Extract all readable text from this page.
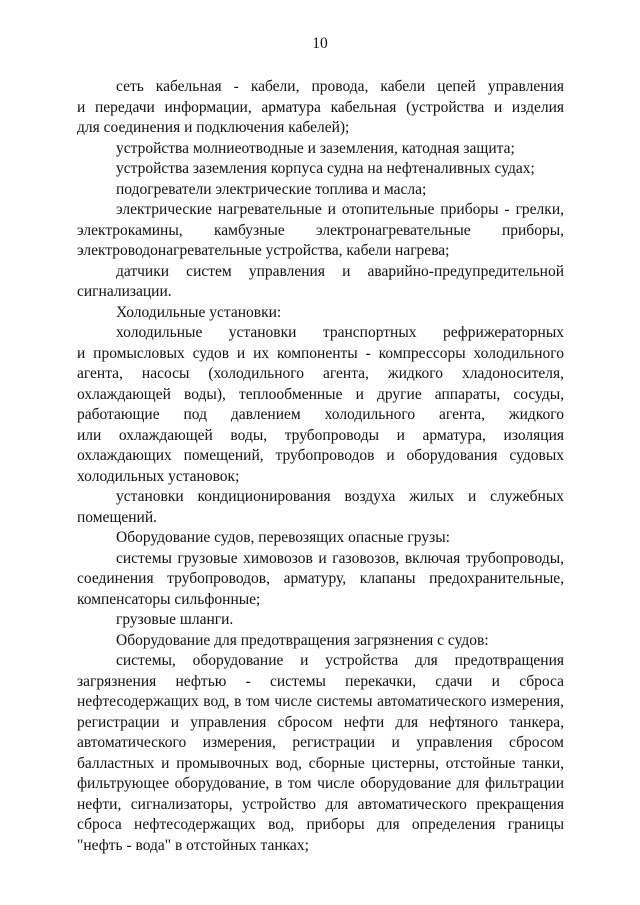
10
сеть кабельная - кабели, провода, кабели цепей управления
и передачи информации, арматура кабельная (устройства и изделия
для соединения и подключения кабелей);
устройства молниеотводные и заземления, катодная защита;
устройства заземления корпуса судна на нефтеналивных судах;
подогреватели электрические топлива и масла;
электрические нагревательные и отопительные приборы - грелки,
электрокамины, камбузные электронагревательные приборы,
электроводонагревательные устройства, кабели нагрева;
датчики систем управления и аварийно-предупредительной
сигнализации.
Холодильные установки:
холодильные установки транспортных рефрижераторных
и промысловых судов и их компоненты - компрессоры холодильного
агента, насосы (холодильного агента, жидкого хладоносителя,
охлаждающей воды), теплообменные и другие аппараты, сосуды,
работающие под давлением холодильного агента, жидкого
или охлаждающей воды, трубопроводы и арматура, изоляция
охлаждающих помещений, трубопроводов и оборудования судовых
холодильных установок;
установки кондиционирования воздуха жилых и служебных
помещений.
Оборудование судов, перевозящих опасные грузы:
системы грузовые химовозов и газовозов, включая трубопроводы,
соединения трубопроводов, арматуру, клапаны предохранительные,
компенсаторы сильфонные;
грузовые шланги.
Оборудование для предотвращения загрязнения с судов:
системы, оборудование и устройства для предотвращения
загрязнения нефтью - системы перекачки, сдачи и сброса
нефтесодержащих вод, в том числе системы автоматического измерения,
регистрации и управления сбросом нефти для нефтяного танкера,
автоматического измерения, регистрации и управления сбросом
балластных и промывочных вод, сборные цистерны, отстойные танки,
фильтрующее оборудование, в том числе оборудование для фильтрации
нефти, сигнализаторы, устройство для автоматического прекращения
сброса нефтесодержащих вод, приборы для определения границы
"нефть - вода" в отстойных танках;
